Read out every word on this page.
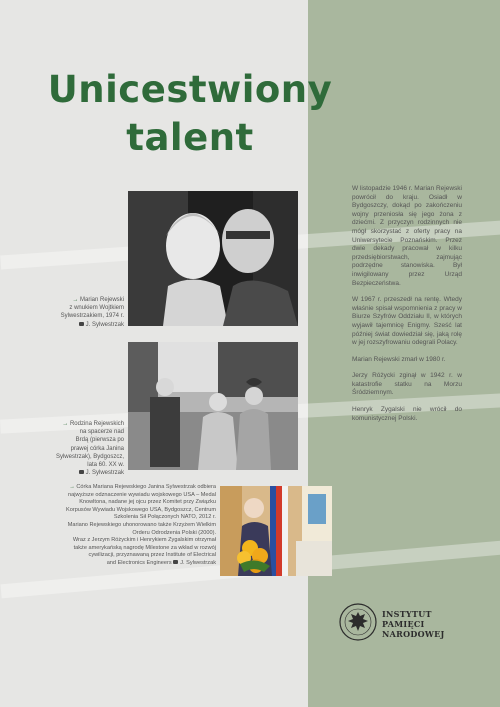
Unicestwiony
talent
→ Marian Rejewski
z wnukiem Wojtkiem
Sylwestrzakiem, 1974 r.
J. Sylwestrzak
→ Rodzina Rejewskich
na spacerze nad
Brdą (pierwsza po
prawej córka Janina
Sylwestrzak), Bydgoszcz,
lata 60. XX w.
J. Sylwestrzak
→ Córka Mariana Rejewskiego Janina Sylwestrzak odbiera
najwyższe odznaczenie wywiadu wojskowego USA – Medal
Knowltona, nadane jej ojcu przez Komitet przy Związku
Korpusów Wywiadu Wojskowego USA, Bydgoszcz, Centrum
Szkolenia Sił Połączonych NATO, 2012 r.
Mariano Rejewskiego uhonorowano także Krzyżem Wielkim
Orderu Odrodzenia Polski (2000).
Wraz z Jerzym Różyckim i Henrykiem Zygalskim otrzymał
także amerykańską nagrodę Milestone za wkład w rozwój
cywilizacji, przyznawaną przez Institute of Electrical
and Electronics Engineers J. Sylwestrzak

W listopadzie 1946 r. Marian Rejewski powrócił do kraju. Osiadł w Bydgoszczy, dokąd po zakończeniu wojny przeniosła się jego żona z dziećmi. Z przyczyn rodzinnych nie mógł skorzystać z oferty pracy na Uniwersytecie Poznańskim. Przez dwie dekady pracował w kilku przedsiębiorstwach, zajmując podrzędne stanowiska. Był inwigilowany przez Urząd Bezpieczeństwa.

W 1967 r. przeszedł na rentę. Wtedy właśnie spisał wspomnienia z pracy w Biurze Szyfrów Oddziału II, w których wyjawił tajemnicę Enigmy. Sześć lat później świat dowiedział się, jaką rolę w jej rozszyfrowaniu odegrali Polacy.

Marian Rejewski zmarł w 1980 r.

Jerzy Różycki zginął w 1942 r. w katastrofie statku na Morzu Śródziemnym.

Henryk Zygalski nie wrócił do komunistycznej Polski.

INSTYTUT
PAMIĘCI
NARODOWEJ
